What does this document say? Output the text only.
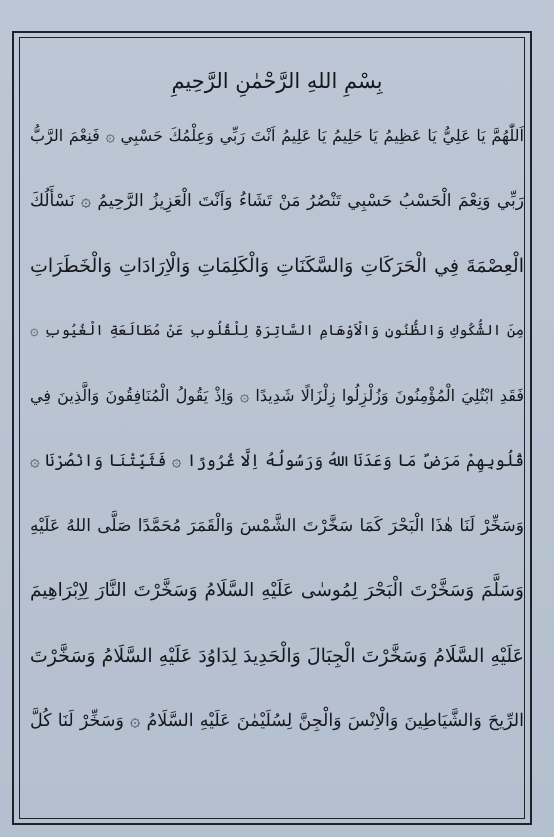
بِسْمِ اللهِ الرَّحْمٰنِ الرَّحِيمِ
اَللّٰهُمَّ يَا عَلِيُّ يَا عَظِيمُ يَا حَلِيمُ يَا عَلِيمُ اَنْتَ رَبِّي وَعِلْمُكَ حَسْبِي ۞ فَنِعْمَ الرَّبُّ
رَبِّي وَنِعْمَ الْحَسْبُ حَسْبِي تَنْصُرُ مَنْ تَشَاءُ وَاَنْتَ الْعَزِيزُ الرَّحِيمُ ۞ نَسْأَلُكَ
الْعِصْمَةَ فِي الْحَرَكَاتِ وَالسَّكَنَاتِ وَالْكَلِمَاتِ وَالْاِرَادَاتِ وَالْخَطَرَاتِ
مِنَ الشُّكُوكِ وَالظُّنُونِ وَالْاَوْهَامِ السَّاتِرَةِ لِلْقُلُوبِ عَنْ مُطَالَعَةِ الْغُيُوبِ ۞
فَقَدِ ابْتُلِيَ الْمُؤْمِنُونَ وَزُلْزِلُوا زِلْزَالًا شَدِيدًا ۞ وَاِذْ يَقُولُ الْمُنَافِقُونَ وَالَّذِينَ فِي
قُلُوبِهِمْ مَرَضٌ مَا وَعَدَنَا اللهُ وَرَسُولُهُ اِلَّا غُرُورًا ۞ فَثَبِّتْنَا وَانْصُرْنَا ۞
وَسَخِّرْ لَنَا هٰذَا الْبَحْرَ كَمَا سَخَّرْتَ الشَّمْسَ وَالْقَمَرَ مُحَمَّدًا صَلَّى اللهُ عَلَيْهِ
وَسَلَّمَ وَسَخَّرْتَ الْبَحْرَ لِمُوسٰى عَلَيْهِ السَّلَامُ وَسَخَّرْتَ النَّارَ لِاِبْرَاهِيمَ
عَلَيْهِ السَّلَامُ وَسَخَّرْتَ الْجِبَالَ وَالْحَدِيدَ لِدَاوُدَ عَلَيْهِ السَّلَامُ وَسَخَّرْتَ
الرِّيحَ وَالشَّيَاطِينَ وَالْاِنْسَ وَالْجِنَّ لِسُلَيْمٰنَ عَلَيْهِ السَّلَامُ ۞ وَسَخِّرْ لَنَا كُلَّ
